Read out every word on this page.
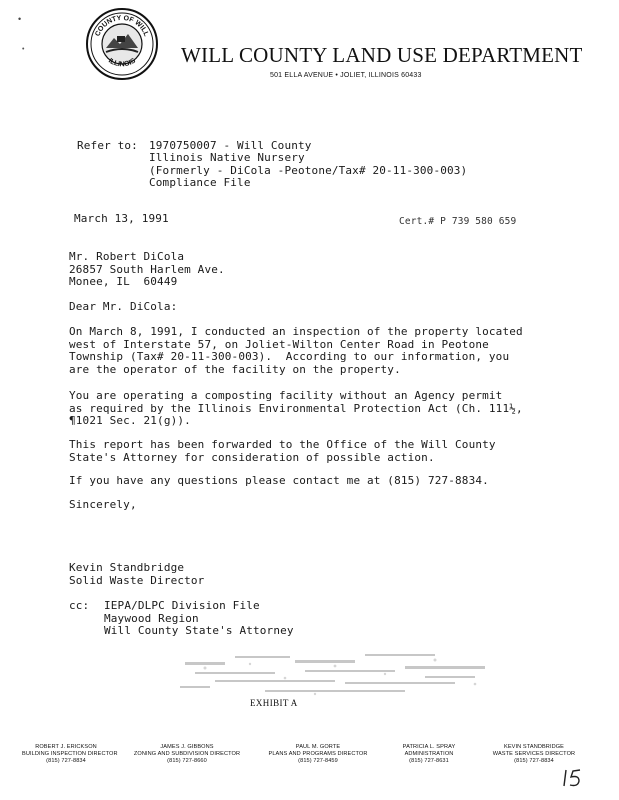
•
•
COUNTY OF WILL
ILLINOIS WILL COUNTY LAND USE DEPARTMENT
501 ELLA AVENUE • JOLIET, ILLINOIS 60433
Refer to: 1970750007 - Will County
Illinois Native Nursery
(Formerly - DiCola -Peotone/Tax# 20-11-300-003)
Compliance File
March 13, 1991	Cert.# P 739 580 659
Mr. Robert DiCola
26857 South Harlem Ave.
Monee, IL  60449
Dear Mr. DiCola:
On March 8, 1991, I conducted an inspection of the property located
west of Interstate 57, on Joliet-Wilton Center Road in Peotone
Township (Tax# 20-11-300-003).  According to our information, you
are the operator of the facility on the property.
You are operating a composting facility without an Agency permit
as required by the Illinois Environmental Protection Act (Ch. 111½,
¶1021 Sec. 21(g)).
This report has been forwarded to the Office of the Will County
State's Attorney for consideration of possible action.
If you have any questions please contact me at (815) 727-8834.
Sincerely,
Kevin Standbridge
Solid Waste Director
cc: IEPA/DLPC Division File
Maywood Region
Will County State's Attorney
EXHIBIT A
ROBERT J. ERICKSON
BUILDING INSPECTION DIRECTOR
(815) 727-8834
JAMES J. GIBBONS
ZONING AND SUBDIVISION DIRECTOR
(815) 727-8660
PAUL M. GORTE
PLANS AND PROGRAMS DIRECTOR
(815) 727-8459
PATRICIA L. SPRAY
ADMINISTRATION
(815) 727-8631
KEVIN STANDBRIDGE
WASTE SERVICES DIRECTOR
(815) 727-8834
